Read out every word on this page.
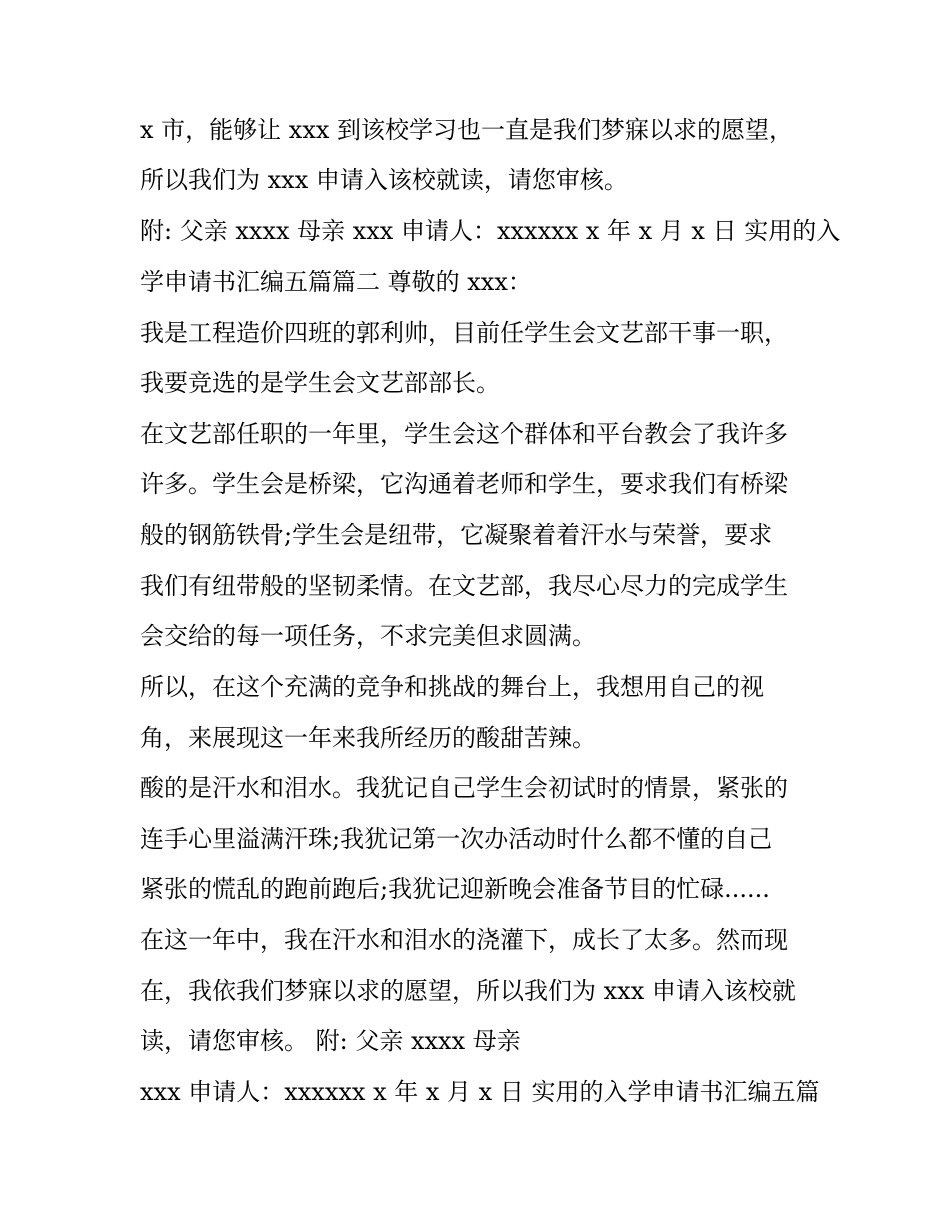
x 市，能够让 xxx 到该校学习也一直是我们梦寐以求的愿望，
所以我们为 xxx 申请入该校就读，请您审核。
附: 父亲 xxxx 母亲 xxx 申请人：xxxxxx x 年 x 月 x 日 实用的入
学申请书汇编五篇篇二 尊敬的 xxx：
我是工程造价四班的郭利帅，目前任学生会文艺部干事一职，
我要竞选的是学生会文艺部部长。
在文艺部任职的一年里，学生会这个群体和平台教会了我许多
许多。学生会是桥梁，它沟通着老师和学生，要求我们有桥梁
般的钢筋铁骨;学生会是纽带，它凝聚着着汗水与荣誉，要求
我们有纽带般的坚韧柔情。在文艺部，我尽心尽力的完成学生
会交给的每一项任务，不求完美但求圆满。
所以，在这个充满的竞争和挑战的舞台上，我想用自己的视
角，来展现这一年来我所经历的酸甜苦辣。
酸的是汗水和泪水。我犹记自己学生会初试时的情景，紧张的
连手心里溢满汗珠;我犹记第一次办活动时什么都不懂的自己
紧张的慌乱的跑前跑后;我犹记迎新晚会准备节目的忙碌......
在这一年中，我在汗水和泪水的浇灌下，成长了太多。然而现
在，我依我们梦寐以求的愿望，所以我们为 xxx 申请入该校就
读，请您审核。 附: 父亲 xxxx 母亲
xxx 申请人：xxxxxx x 年 x 月 x 日 实用的入学申请书汇编五篇
